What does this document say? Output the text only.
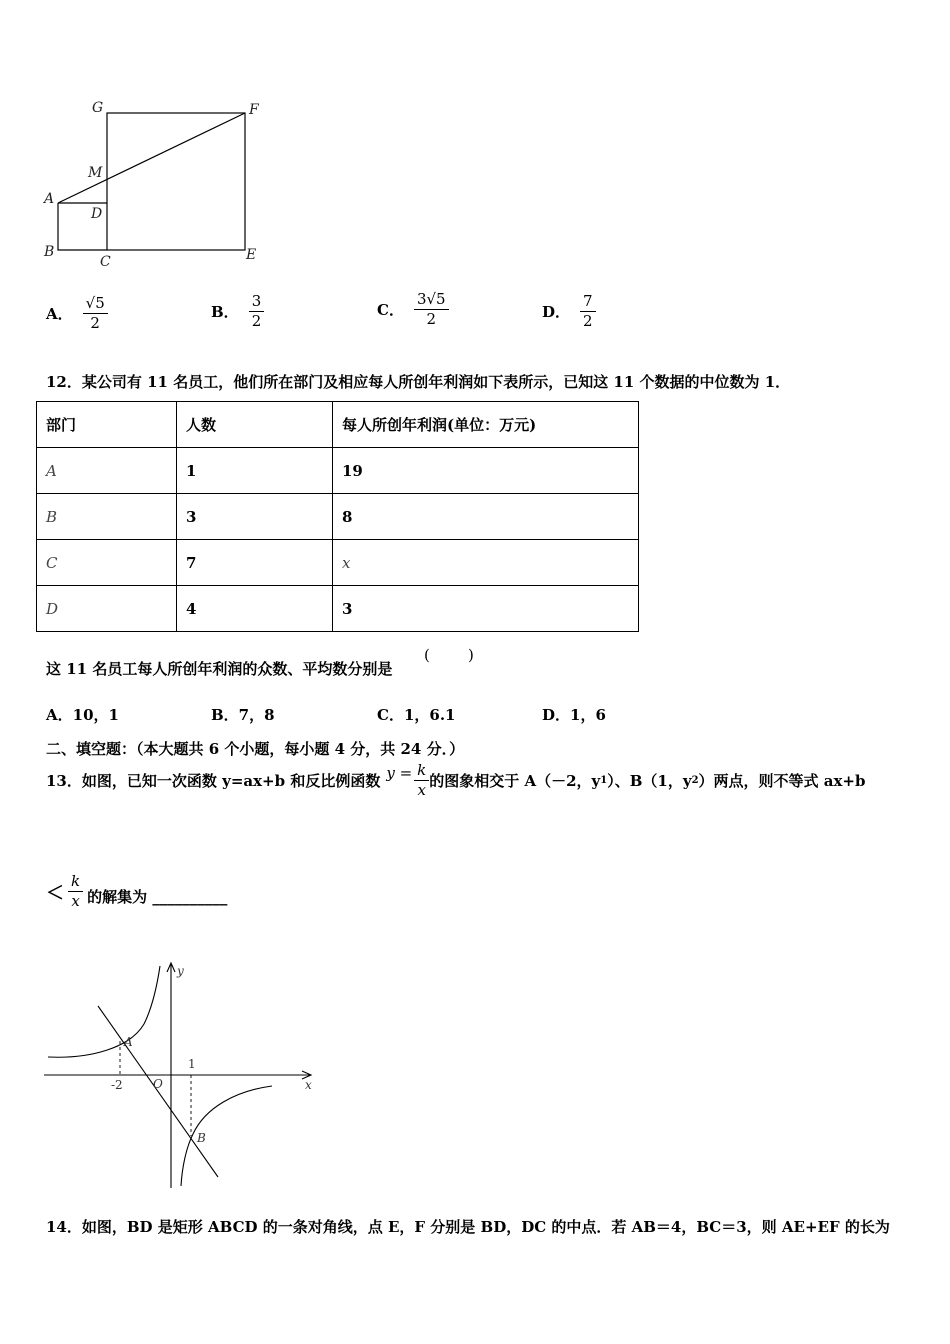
G	F
M
A
D
B
C	E
A． $\frac{√5}{2}$	B． $\frac{3}{2}$	C． $\frac{3√5}{2}$	D． $\frac{7}{2}$
12．某公司有 11 名员工，他们所在部门及相应每人所创年利润如下表所示，已知这 11 个数据的中位数为 1．
部门	人数	每人所创年利润(单位：万元)
A	1	19
B	3	8
C	7	x
D	4	3
这 11 名员工每人所创年利润的众数、平均数分别是
(        )
A．10，1	B．7，8	C．1，6.1	D．1，6
二、填空题：（本大题共 6 个小题，每小题 4 分，共 24 分．）
13．如图，已知一次函数 y=ax+b 和反比例函数 $y = \frac{k}{x}$ 的图象相交于 A（－2，y 1 ）、B（1，y 2 ）两点，则不等式 ax+b
＜ $\frac{k}{x}$ 的解集为 __________
y
x
A
B
O
-2
1
14．如图，BD 是矩形 ABCD 的一条对角线，点 E，F 分别是 BD，DC 的中点．若 AB＝4，BC＝3，则 AE+EF 的长为
